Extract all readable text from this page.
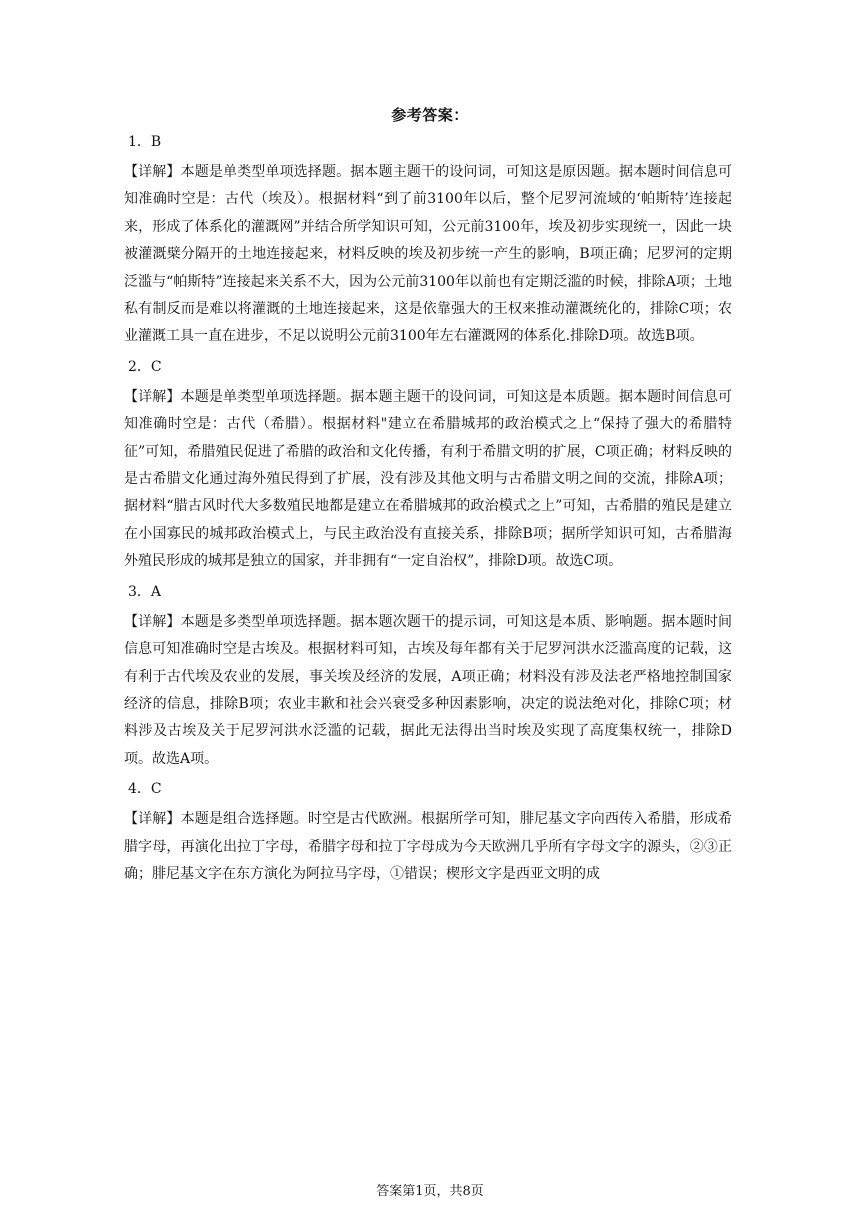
参考答案：
1．B
【详解】本题是单类型单项选择题。据本题主题干的设问词，可知这是原因题。据本题时间信息可知准确时空是：古代（埃及）。根据材料“到了前3100年以后，整个尼罗河流域的‘帕斯特’连接起来，形成了体系化的灌溉网”并结合所学知识可知，公元前3100年，埃及初步实现统一，因此一块被灌溉檗分隔开的土地连接起来，材料反映的埃及初步统一产生的影响，B项正确；尼罗河的定期泛滥与“帕斯特”连接起来关系不大，因为公元前3100年以前也有定期泛滥的时候，排除A项；土地私有制反而是难以将灌溉的土地连接起来，这是依靠强大的王权来推动灌溉统化的，排除C项；农业灌溉工具一直在进步，不足以说明公元前3100年左右灌溉网的体系化.排除D项。故选B项。
2．C
【详解】本题是单类型单项选择题。据本题主题干的设问词，可知这是本质题。据本题时间信息可知准确时空是：古代（希腊）。根据材料"建立在希腊城邦的政治模式之上“保持了强大的希腊特征”可知，希腊殖民促进了希腊的政治和文化传播，有利于希腊文明的扩展，C项正确；材料反映的是古希腊文化通过海外殖民得到了扩展，没有涉及其他文明与古希腊文明之间的交流，排除A项；据材料“腊古风时代大多数殖民地都是建立在希腊城邦的政治模式之上”可知，古希腊的殖民是建立在小国寡民的城邦政治模式上，与民主政治没有直接关系，排除B项；据所学知识可知，古希腊海外殖民形成的城邦是独立的国家，并非拥有“一定自治权”，排除D项。故选C项。
3．A
【详解】本题是多类型单项选择题。据本题次题干的提示词，可知这是本质、影响题。据本题时间信息可知准确时空是古埃及。根据材料可知，古埃及每年都有关于尼罗河洪水泛滥高度的记载，这有利于古代埃及农业的发展，事关埃及经济的发展，A项正确；材料没有涉及法老严格地控制国家经济的信息，排除B项；农业丰歉和社会兴衰受多种因素影响，决定的说法绝对化，排除C项；材料涉及古埃及关于尼罗河洪水泛滥的记载，据此无法得出当时埃及实现了高度集权统一，排除D项。故选A项。
4．C
【详解】本题是组合选择题。时空是古代欧洲。根据所学可知，腓尼基文字向西传入希腊，形成希腊字母，再演化出拉丁字母，希腊字母和拉丁字母成为今天欧洲几乎所有字母文字的源头，②③正确；腓尼基文字在东方演化为阿拉马字母，①错误；楔形文字是西亚文明的成
答案第1页，共8页
